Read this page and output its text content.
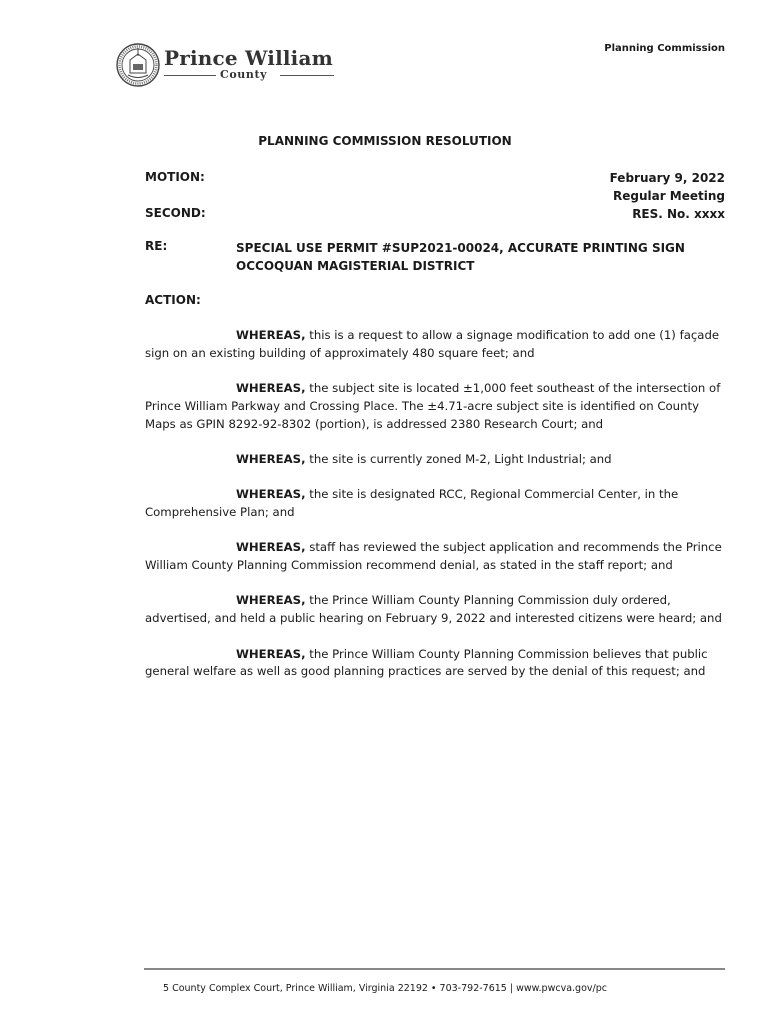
Prince William
County
Planning Commission
PLANNING COMMISSION RESOLUTION
MOTION:
SECOND:
February 9, 2022
Regular Meeting
RES. No. xxxx
RE:	SPECIAL USE PERMIT #SUP2021-00024, ACCURATE PRINTING SIGN
OCCOQUAN MAGISTERIAL DISTRICT
ACTION:

WHEREAS, this is a request to allow a signage modification to add one (1) façade sign on an existing building of approximately 480 square feet; and

WHEREAS, the subject site is located ±1,000 feet southeast of the intersection of Prince William Parkway and Crossing Place. The ±4.71-acre subject site is identified on County Maps as GPIN 8292-92-8302 (portion), is addressed 2380 Research Court; and

WHEREAS, the site is currently zoned M-2, Light Industrial; and

WHEREAS, the site is designated RCC, Regional Commercial Center, in the Comprehensive Plan; and

WHEREAS, staff has reviewed the subject application and recommends the Prince William County Planning Commission recommend denial, as stated in the staff report; and

WHEREAS, the Prince William County Planning Commission duly ordered, advertised, and held a public hearing on February 9, 2022 and interested citizens were heard; and

WHEREAS, the Prince William County Planning Commission believes that public general welfare as well as good planning practices are served by the denial of this request; and

5 County Complex Court, Prince William, Virginia 22192 • 703-792-7615 | www.pwcva.gov/pc
